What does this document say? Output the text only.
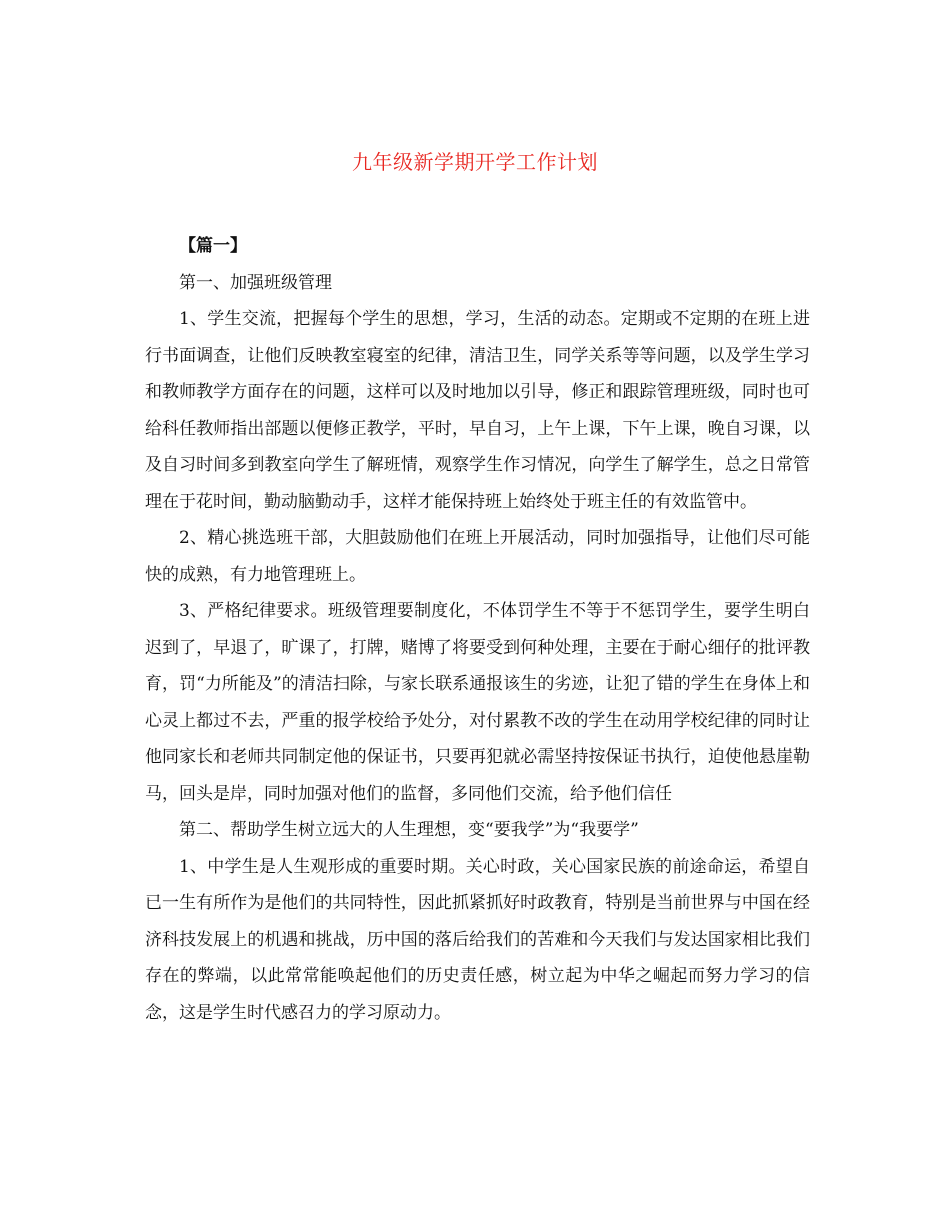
九年级新学期开学工作计划

【篇一】

第一、加强班级管理

1、学生交流，把握每个学生的思想，学习，生活的动态。定期或不定期的在班上进行书面调查，让他们反映教室寝室的纪律，清洁卫生，同学关系等等问题，以及学生学习和教师教学方面存在的问题，这样可以及时地加以引导，修正和跟踪管理班级，同时也可给科任教师指出部题以便修正教学，平时，早自习，上午上课，下午上课，晚自习课，以及自习时间多到教室向学生了解班情，观察学生作习情况，向学生了解学生，总之日常管理在于花时间，勤动脑勤动手，这样才能保持班上始终处于班主任的有效监管中。

2、精心挑选班干部，大胆鼓励他们在班上开展活动，同时加强指导，让他们尽可能快的成熟，有力地管理班上。

3、严格纪律要求。班级管理要制度化，不体罚学生不等于不惩罚学生，要学生明白迟到了，早退了，旷课了，打牌，赌博了将要受到何种处理，主要在于耐心细仔的批评教育，罚“力所能及”的清洁扫除，与家长联系通报该生的劣迹，让犯了错的学生在身体上和心灵上都过不去，严重的报学校给予处分，对付累教不改的学生在动用学校纪律的同时让他同家长和老师共同制定他的保证书，只要再犯就必需坚持按保证书执行，迫使他悬崖勒马，回头是岸，同时加强对他们的监督，多同他们交流，给予他们信任

第二、帮助学生树立远大的人生理想，变“要我学”为“我要学”

1、中学生是人生观形成的重要时期。关心时政，关心国家民族的前途命运，希望自已一生有所作为是他们的共同特性，因此抓紧抓好时政教育，特别是当前世界与中国在经济科技发展上的机遇和挑战，历中国的落后给我们的苦难和今天我们与发达国家相比我们存在的弊端，以此常常能唤起他们的历史责任感，树立起为中华之崛起而努力学习的信念，这是学生时代感召力的学习原动力。
